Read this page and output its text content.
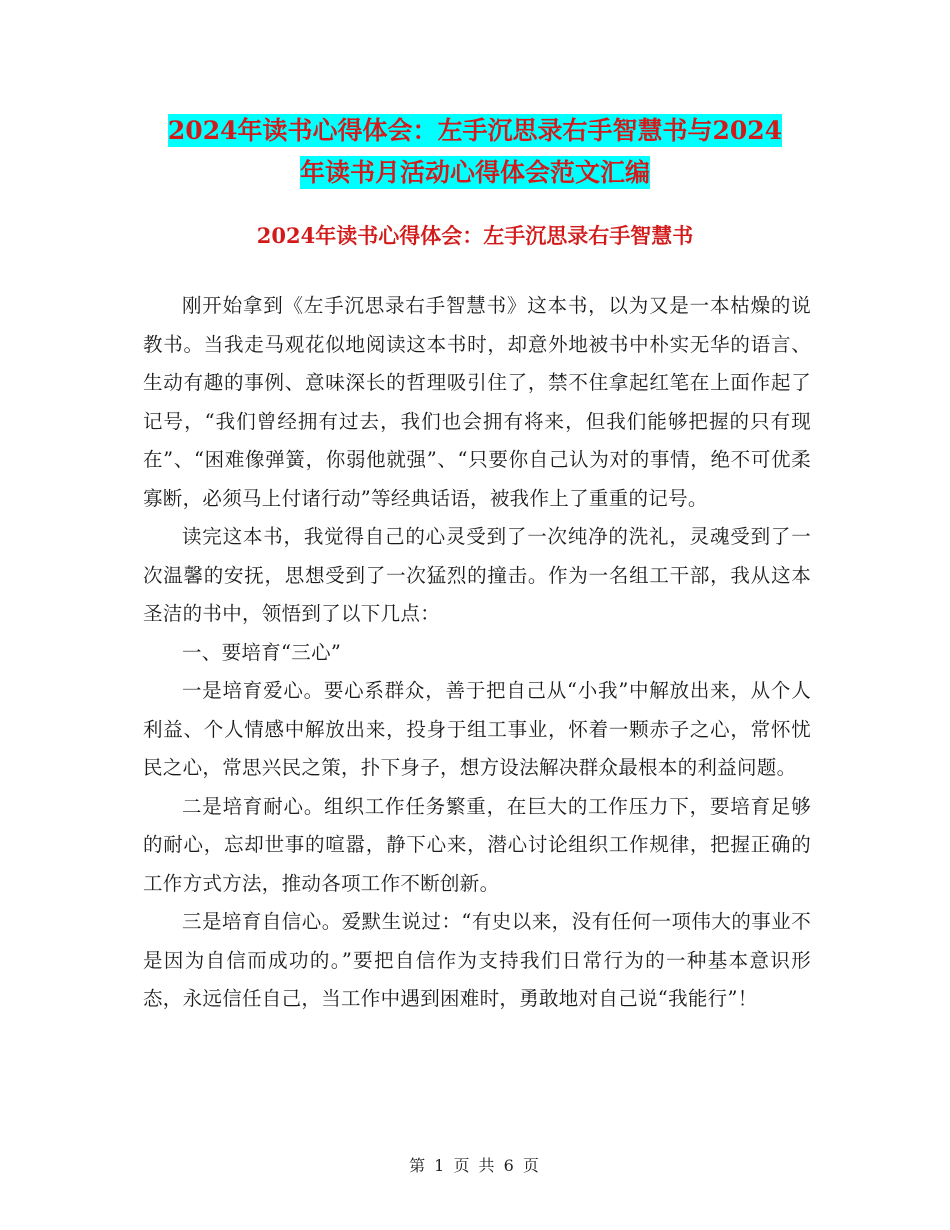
2024年读书心得体会：左手沉思录右手智慧书与2024
年读书月活动心得体会范文汇编
2024年读书心得体会：左手沉思录右手智慧书

刚开始拿到《左手沉思录右手智慧书》这本书，以为又是一本枯燥的说教书。当我走马观花似地阅读这本书时，却意外地被书中朴实无华的语言、生动有趣的事例、意味深长的哲理吸引住了，禁不住拿起红笔在上面作起了记号，“我们曾经拥有过去，我们也会拥有将来，但我们能够把握的只有现在”、“困难像弹簧，你弱他就强”、“只要你自己认为对的事情，绝不可优柔寡断，必须马上付诸行动”等经典话语，被我作上了重重的记号。

读完这本书，我觉得自己的心灵受到了一次纯净的洗礼，灵魂受到了一次温馨的安抚，思想受到了一次猛烈的撞击。作为一名组工干部，我从这本圣洁的书中，领悟到了以下几点：

一、要培育“三心”

一是培育爱心。要心系群众，善于把自己从“小我”中解放出来，从个人利益、个人情感中解放出来，投身于组工事业，怀着一颗赤子之心，常怀忧民之心，常思兴民之策，扑下身子，想方设法解决群众最根本的利益问题。

二是培育耐心。组织工作任务繁重，在巨大的工作压力下，要培育足够的耐心，忘却世事的喧嚣，静下心来，潜心讨论组织工作规律，把握正确的工作方式方法，推动各项工作不断创新。

三是培育自信心。爱默生说过：“有史以来，没有任何一项伟大的事业不是因为自信而成功的。”要把自信作为支持我们日常行为的一种基本意识形态，永远信任自己，当工作中遇到困难时，勇敢地对自己说“我能行”！

第 1 页 共 6 页
